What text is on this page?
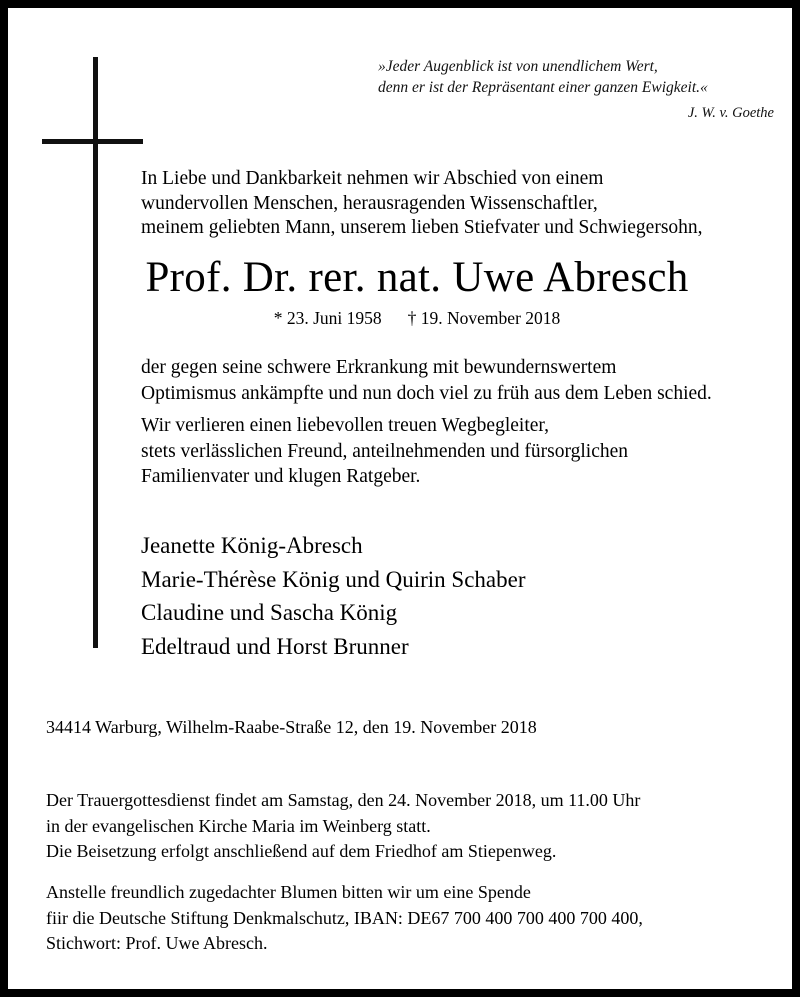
»Jeder Augenblick ist von unendlichem Wert,
denn er ist der Repräsentant einer ganzen Ewigkeit.«
J. W. v. Goethe
In Liebe und Dankbarkeit nehmen wir Abschied von einem
wundervollen Menschen, herausragenden Wissenschaftler,
meinem geliebten Mann, unserem lieben Stiefvater und Schwiegersohn,
Prof. Dr. rer. nat. Uwe Abresch
* 23. Juni 1958 † 19. November 2018
der gegen seine schwere Erkrankung mit bewundernswertem
Optimismus ankämpfte und nun doch viel zu früh aus dem Leben schied.
Wir verlieren einen liebevollen treuen Wegbegleiter,
stets verlässlichen Freund, anteilnehmenden und fürsorglichen
Familienvater und klugen Ratgeber.
Jeanette König-Abresch
Marie-Thérèse König und Quirin Schaber
Claudine und Sascha König
Edeltraud und Horst Brunner
34414 Warburg, Wilhelm-Raabe-Straße 12, den 19. November 2018
Der Trauergottesdienst findet am Samstag, den 24. November 2018, um 11.00 Uhr
in der evangelischen Kirche Maria im Weinberg statt.
Die Beisetzung erfolgt anschließend auf dem Friedhof am Stiepenweg.
Anstelle freundlich zugedachter Blumen bitten wir um eine Spende
fiir die Deutsche Stiftung Denkmalschutz, IBAN: DE67 700 400 700 400 700 400,
Stichwort: Prof. Uwe Abresch.
